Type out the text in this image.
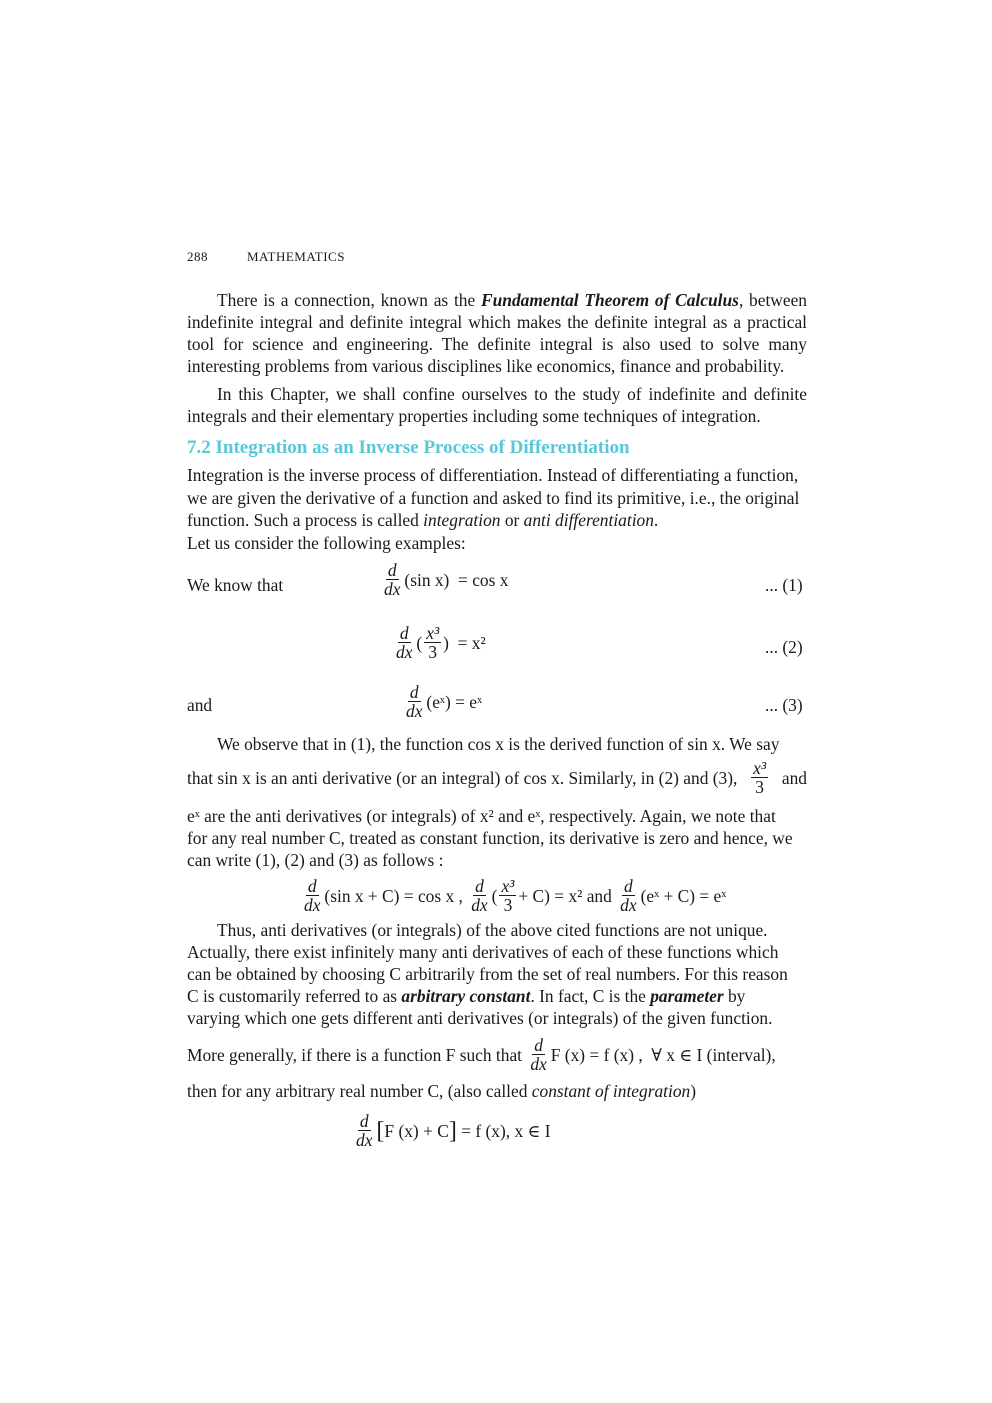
288	MATHEMATICS

There is a connection, known as the Fundamental Theorem of Calculus, between indefinite integral and definite integral which makes the definite integral as a practical tool for science and engineering. The definite integral is also used to solve many interesting problems from various disciplines like economics, finance and probability.

In this Chapter, we shall confine ourselves to the study of indefinite and definite integrals and their elementary properties including some techniques of integration.

7.2 Integration as an Inverse Process of Differentiation
Integration is the inverse process of differentiation. Instead of differentiating a function,
we are given the derivative of a function and asked to find its primitive, i.e., the original
function. Such a process is called integration or anti differentiation.
Let us consider the following examples:
We know that	$\frac{d}{dx} (\sin$ x)
= cos x	... (1)
$\frac{d}{dx}$ ( $\frac{\text{x³}}{3}$ )
= x²	... (2)
and	$\frac{d}{dx}$ (eˣ) = eˣ	... (3)
We observe that in (1), the function cos x is the derived function of sin x. We say
that sin x is an anti derivative (or an integral) of cos x. Similarly, in (2) and (3), $\frac{\text{x³}}{3}$ and
eˣ are the anti derivatives (or integrals) of x² and eˣ, respectively. Again, we note that
for any real number C, treated as constant function, its derivative is zero and hence, we
can write (1), (2) and (3) as follows :
$\frac{d}{dx} (\sin$ x + C) = cos x ,
$\frac{d}{dx}$ ( $\frac{\text{x³}}{3} + C) = x^2$ and
$\frac{d}{dx}$ (eˣ + C) = eˣ
Thus, anti derivatives (or integrals) of the above cited functions are not unique.
Actually, there exist infinitely many anti derivatives of each of these functions which
can be obtained by choosing C arbitrarily from the set of real numbers. For this reason
C is customarily referred to as arbitrary constant. In fact, C is the parameter by
varying which one gets different anti derivatives (or integrals) of the given function.
More generally, if there is a function F such that
$\frac{d}{dx}$ F (x) = f (x) ,
∀ x ∈ I (interval),
then for any arbitrary real number C, (also called constant of integration)
$\frac{d}{dx}$ [ F (x) + C ]
= f (x), x ∈ I
